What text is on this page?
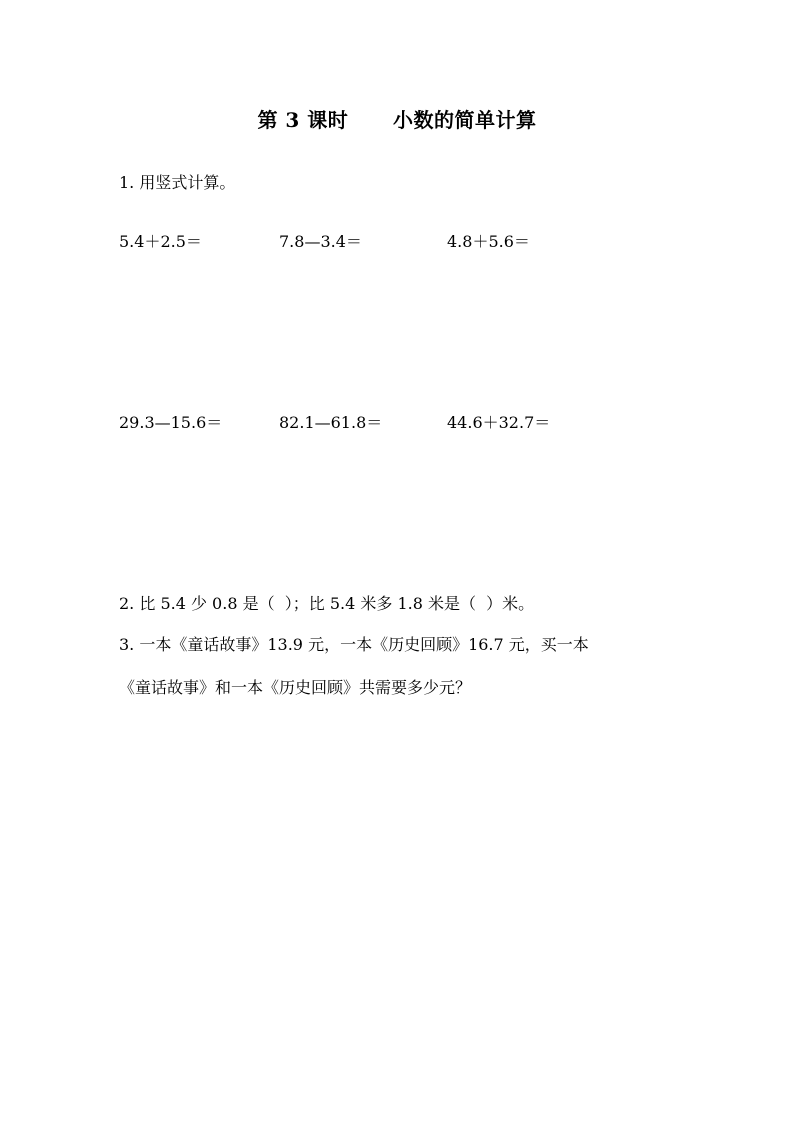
第 3 课时      小数的简单计算
1. 用竖式计算。
5.4＋2.5＝	7.8—3.4＝	4.8＋5.6＝
29.3—15.6＝	82.1—61.8＝	44.6＋32.7＝
2. 比 5.4 少 0.8 是（  ）；比 5.4 米多 1.8 米是（  ）米。
3. 一本《童话故事》13.9 元，一本《历史回顾》16.7 元，买一本
《童话故事》和一本《历史回顾》共需要多少元？
